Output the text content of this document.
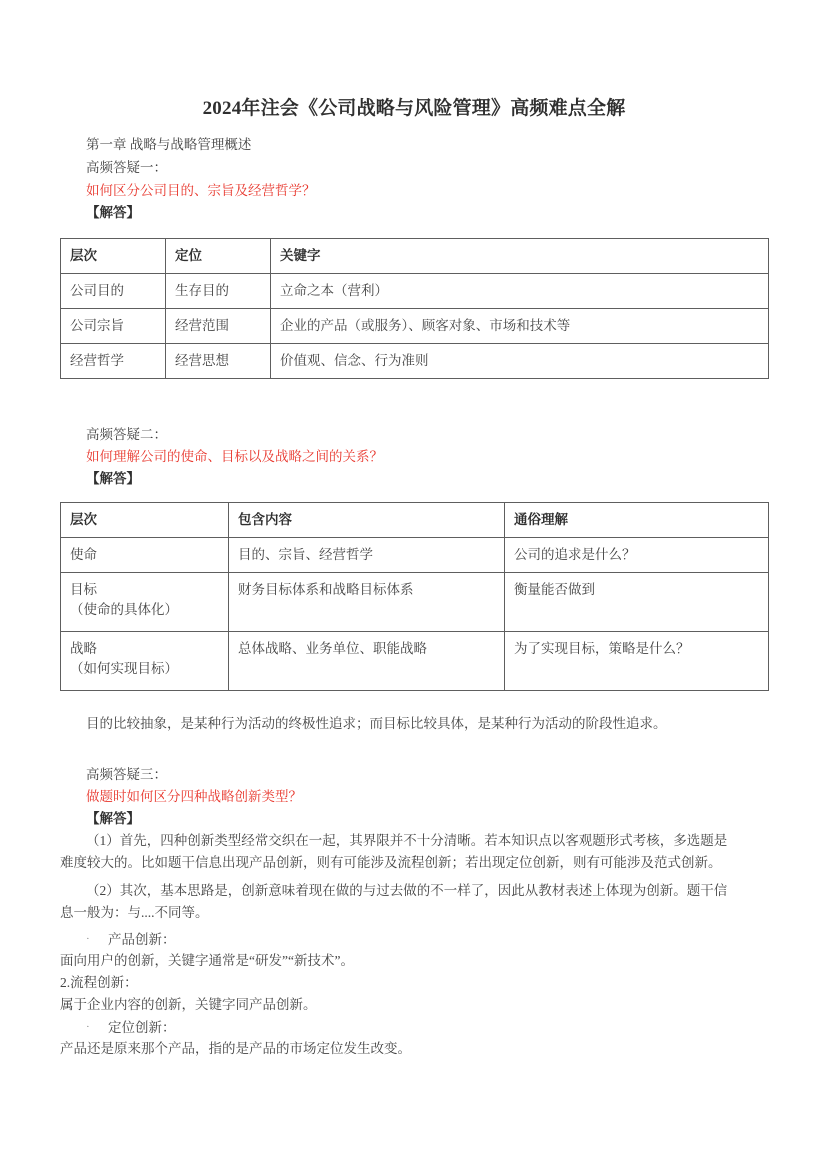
2024年注会《公司战略与风险管理》高频难点全解
第一章 战略与战略管理概述
高频答疑一：
如何区分公司目的、宗旨及经营哲学？
【解答】
层次	定位	关键字
公司目的	生存目的	立命之本（营利）
公司宗旨	经营范围	企业的产品（或服务）、顾客对象、市场和技术等
经营哲学	经营思想	价值观、信念、行为准则
高频答疑二：
如何理解公司的使命、目标以及战略之间的关系？
【解答】
层次	包含内容	通俗理解

使命	目的、宗旨、经营哲学	公司的追求是什么？

目标
（使命的具体化）	财务目标体系和战略目标体系	衡量能否做到

战略
（如何实现目标）	总体战略、业务单位、职能战略	为了实现目标，策略是什么？
目的比较抽象，是某种行为活动的终极性追求；而目标比较具体，是某种行为活动的阶段性追求。
高频答疑三：
做题时如何区分四种战略创新类型？
【解答】
（1）首先，四种创新类型经常交织在一起，其界限并不十分清晰。若本知识点以客观题形式考核，多选题是
难度较大的。比如题干信息出现产品创新，则有可能涉及流程创新；若出现定位创新，则有可能涉及范式创新。
（2）其次，基本思路是，创新意味着现在做的与过去做的不一样了，因此从教材表述上体现为创新。题干信
息一般为：与....不同等。
· 产品创新：
面向用户的创新，关键字通常是“研发”“新技术”。
2.流程创新：
属于企业内容的创新，关键字同产品创新。
· 定位创新：
产品还是原来那个产品，指的是产品的市场定位发生改变。
